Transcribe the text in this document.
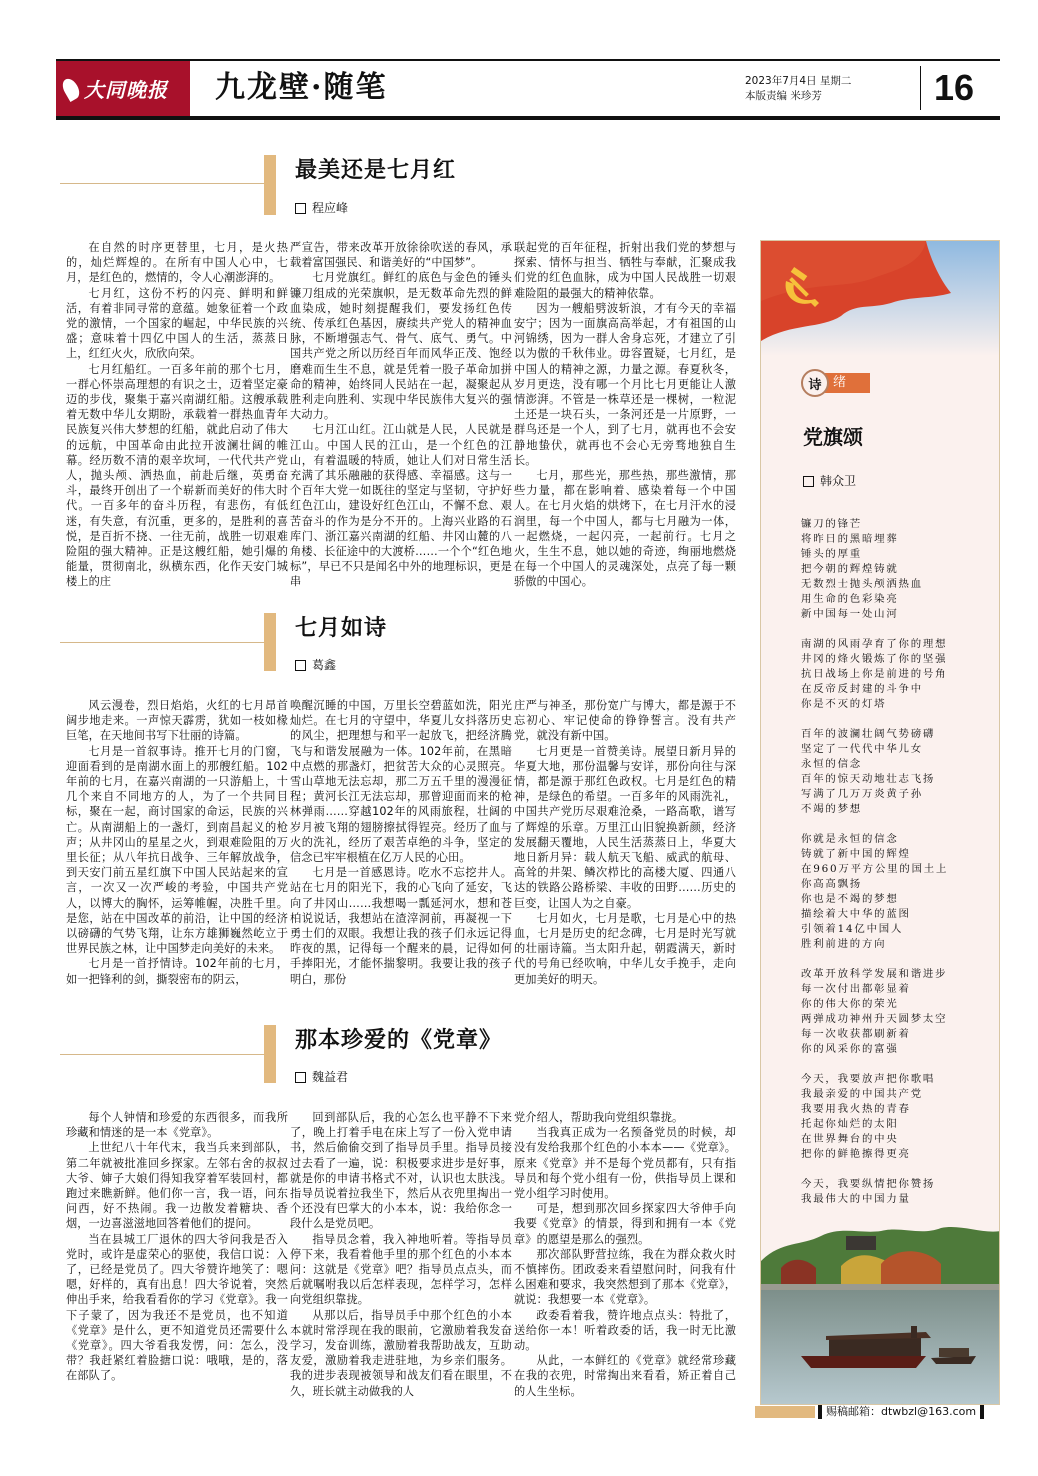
大同晚报 九龙壁·随笔	2023年7月4日 星期二
本版责编 米珍芳	16
最美还是七月红
程应峰

在自然的时序更替里，七月，是火热的，灿烂辉煌的。在所有中国人心中，七月，是红色的，燃情的，令人心潮澎湃的。

七月红，这份不朽的闪亮、鲜明和鲜活，有着非同寻常的意蕴。她象征着一个政党的激情，一个国家的崛起，中华民族的兴盛；意味着十四亿中国人的生活，蒸蒸日上，红红火火，欣欣向荣。

七月红船红。一百多年前的那个七月，一群心怀崇高理想的有识之士，迈着坚定豪迈的步伐，聚集于嘉兴南湖红船。这艘承载着无数中华儿女期盼，承载着一群热血青年民族复兴伟大梦想的红船，就此启动了伟大的远航，中国革命由此拉开波澜壮阔的帷幕。经历数不清的艰辛坎坷，一代代共产党人，抛头颅、洒热血，前赴后继，英勇奋斗，最终开创出了一个崭新而美好的伟大时代。一百多年的奋斗历程，有悲伤，有低迷，有失意，有沉重，更多的，是胜利的喜悦，是百折不挠、一往无前，战胜一切艰难险阻的强大精神。正是这艘红船，她引爆的能量，贯彻南北，纵横东西，化作天安门城楼上的庄

严宣告，带来改革开放徐徐吹送的春风，承载着富国强民、和谐美好的“中国梦”。

七月党旗红。鲜红的底色与金色的锤头镰刀组成的光荣旗帜，是无数革命先烈的鲜血染成，她时刻提醒我们，要发扬红色传统、传承红色基因，赓续共产党人的精神血脉，不断增强志气、骨气、底气、勇气。中国共产党之所以历经百年而风华正茂、饱经磨难而生生不息，就是凭着一股子革命加拼命的精神，始终同人民站在一起，凝聚起从胜利走向胜利、实现中华民族伟大复兴的强大动力。

七月江山红。江山就是人民，人民就是江山。中国人民的江山，是一个红色的江山，有着温暖的特质，她让人们对日常生活充满了其乐融融的获得感、幸福感。这与一个百年大党一如既往的坚定与坚韧，守护好红色江山，建设好红色江山，不懈不怠、艰苦奋斗的作为是分不开的。上海兴业路的石库门、浙江嘉兴南湖的红船、井冈山麓的八角楼、长征途中的大渡桥……一个个“红色地标”，早已不只是闻名中外的地理标识，更是串

联起党的百年征程，折射出我们党的梦想与探索、情怀与担当、牺牲与奉献，汇聚成我们党的红色血脉，成为中国人民战胜一切艰难险阻的最强大的精神依靠。

因为一艘船劈波斩浪，才有今天的幸福安宁；因为一面旗高高举起，才有祖国的山河锦绣，因为一群人舍身忘死，才建立了引以为傲的千秋伟业。毋容置疑，七月红，是中国人的精神之源，力量之源。春夏秋冬，岁月更迭，没有哪一个月比七月更能让人激情澎湃。不管是一株草还是一棵树，一粒泥土还是一块石头，一条河还是一片原野，一群鸟还是一个人，到了七月，就再也不会安静地蛰伏，就再也不会心无旁骛地独自生长。

七月，那些光，那些热，那些激情，那些力量，都在影响着、感染着每一个中国人。在七月火焰的烘烤下，在七月汗水的浸润里，每一个中国人，都与七月融为一体，一起燃烧，一起闪亮，一起前行。七月之火，生生不息，她以她的奇迹，绚丽地燃烧在每一个中国人的灵魂深处，点亮了每一颗骄傲的中国心。

七月如诗
葛鑫

风云漫卷，烈日焰焰，火红的七月昂首阔步地走来。一声惊天霹雳，犹如一枝如椽巨笔，在天地间书写下壮丽的诗篇。

七月是一首叙事诗。推开七月的门窗，迎面看到的是南湖水面上的那艘红船。102年前的七月，在嘉兴南湖的一只游船上，十几个来自不同地方的人，为了一个共同目标，聚在一起，商讨国家的命运，民族的兴亡。从南湖船上的一盏灯，到南昌起义的枪声；从井冈山的星星之火，到艰难险阻的万里长征；从八年抗日战争、三年解放战争，到天安门前五星红旗下中国人民站起来的宣言，一次又一次严峻的考验，中国共产党人，以博大的胸怀，运筹帷幄，决胜千里。是您，站在中国改革的前沿，让中国的经济以磅礴的气势飞翔，让东方雄狮巍然屹立于世界民族之林，让中国梦走向美好的未来。

七月是一首抒情诗。102年前的七月，如一把锋利的剑，撕裂密布的阴云，

唤醒沉睡的中国，万里长空碧蓝如洗，阳光灿烂。在七月的守望中，华夏儿女抖落历史的风尘，把理想与和平一起放飞，把经济腾飞与和谐发展融为一体。102年前，在黑暗中点燃的那盏灯，把贫苦大众的心灵照亮。雪山草地无法忘却，那二万五千里的漫漫征程；黄河长江无法忘却，那曾迎面而来的枪林弹雨……穿越102年的风雨旅程，壮阔的岁月被飞翔的翅膀擦拭得锃亮。经历了血与火的洗礼，经历了艰苦卓绝的斗争，坚定的信念已牢牢根植在亿万人民的心田。

七月是一首感恩诗。吃水不忘挖井人。站在七月的阳光下，我的心飞向了延安，飞向了井冈山……我想喝一瓢延河水，想和苍柏说说话，我想站在渣滓洞前，再凝视一下勇士们的双眼。我想让我的孩子们永远记得昨夜的黑，记得每一个醒来的晨，记得如何手捧阳光，才能怀揣黎明。我要让我的孩子明白，那份

庄严与神圣，那份宽广与博大，都是源于不忘初心、牢记使命的铮铮誓言。没有共产党，就没有新中国。

七月更是一首赞美诗。展望日新月异的华夏大地，那份温馨与安详，那份向往与深情，都是源于那红色政权。七月是红色的精神，是绿色的希望。一百多年的风雨洗礼，中国共产党历尽艰难沧桑，一路高歌，谱写了辉煌的乐章。万里江山旧貌换新颜，经济发展翻天覆地，人民生活蒸蒸日上，华夏大地日新月异：载人航天飞船、威武的航母、高耸的井架、鳞次栉比的高楼大厦、四通八达的铁路公路桥梁、丰收的田野……历史的巨变，让国人为之自豪。

七月如火，七月是歌，七月是心中的热血，七月是历史的纪念碑，七月是时光写就的壮丽诗篇。当太阳升起，朝霞满天，新时代的号角已经吹响，中华儿女手挽手，走向更加美好的明天。

那本珍爱的《党章》
魏益君

每个人钟情和珍爱的东西很多，而我所珍藏和情迷的是一本《党章》。

上世纪八十年代末，我当兵来到部队，第二年就被批准回乡探家。左邻右舍的叔叔大爷、婶子大娘们得知我穿着军装回村，都跑过来瞧新鲜。他们你一言，我一语，问东问西，好不热闹。我一边散发着糖块、香烟，一边喜滋滋地回答着他们的提问。

当在县城工厂退休的四大爷问我是否入党时，或许是虚荣心的驱使，我信口说：入了，已经是党员了。四大爷赞许地笑了：嗯嗯，好样的，真有出息！四大爷说着，突然伸出手来，给我看看你的学习《党章》。我一下子蒙了，因为我还不是党员，也不知道《党章》是什么，更不知道党员还需要什么《党章》。四大爷看我发愣，问：怎么，没带？我赶紧红着脸搪口说：哦哦，是的，落在部队了。

回到部队后，我的心怎么也平静不下来了，晚上打着手电在床上写了一份入党申请书，然后偷偷交到了指导员手里。指导员接过去看了一遍，说：积极要求进步是好事，就是你的申请书格式不对，认识也太肤浅。指导员说着拉我坐下，然后从衣兜里掏出一个还没有巴掌大的小本本，说：我给你念一段什么是党员吧。

指导员念着，我入神地听着。等指导员停下来，我看着他手里的那个红色的小本本问：这就是《党章》吧？指导员点点头，而后就嘱咐我以后怎样表现，怎样学习，怎样向党组织靠拢。

从那以后，指导员手中那个红色的小本本就时常浮现在我的眼前，它激励着我发奋学习，发奋训练，激励着我帮助战友，互助友爱，激励着我走进驻地，为乡亲们服务。我的进步表现被领导和战友们看在眼里，不久，班长就主动做我的人

党介绍人，帮助我向党组织靠拢。

当我真正成为一名预备党员的时候，却没有发给我那个红色的小本本——《党章》。原来《党章》并不是每个党员都有，只有指导员和每个党小组有一份，供指导员上课和党小组学习时使用。

可是，想到那次回乡探家四大爷伸手向我要《党章》的情景，得到和拥有一本《党章》的愿望是那么的强烈。

那次部队野营拉练，我在为群众救火时不慎摔伤。团政委来看望慰问时，问我有什么困难和要求，我突然想到了那本《党章》，就说：我想要一本《党章》。

政委看着我，赞许地点点头：特批了，送给你一本！听着政委的话，我一时无比激动。

从此，一本鲜红的《党章》就经常珍藏在我的衣兜，时常掏出来看看，矫正着自己的人生坐标。

诗 绪
党旗颂
韩众卫
镰刀的锋芒
将昨日的黑暗埋葬
锤头的厚重
把今朝的辉煌铸就
无数烈士抛头颅洒热血
用生命的色彩染亮
新中国每一处山河
南湖的风雨孕育了你的理想
井冈的烽火锻炼了你的坚强
抗日战场上你是前进的号角
在反帝反封建的斗争中
你是不灭的灯塔
百年的波澜壮阔气势磅礴
坚定了一代代中华儿女
永恒的信念
百年的惊天动地壮志飞扬
写满了几万万炎黄子孙
不竭的梦想
你就是永恒的信念
铸就了新中国的辉煌
在960万平方公里的国土上
你高高飘扬
你也是不竭的梦想
描绘着大中华的蓝图
引领着14亿中国人
胜利前进的方向
改革开放科学发展和谐进步
每一次付出都彰显着
你的伟大你的荣光
两弹成功神州升天圆梦太空
每一次收获都刷新着
你的风采你的富强
今天，我要放声把你歌唱
我最亲爱的中国共产党
我要用我火热的青春
托起你灿烂的太阳
在世界舞台的中央
把你的鲜艳擦得更亮
今天，我要纵情把你赞扬
我最伟大的中国力量
赐稿邮箱：dtwbzl@163.com
